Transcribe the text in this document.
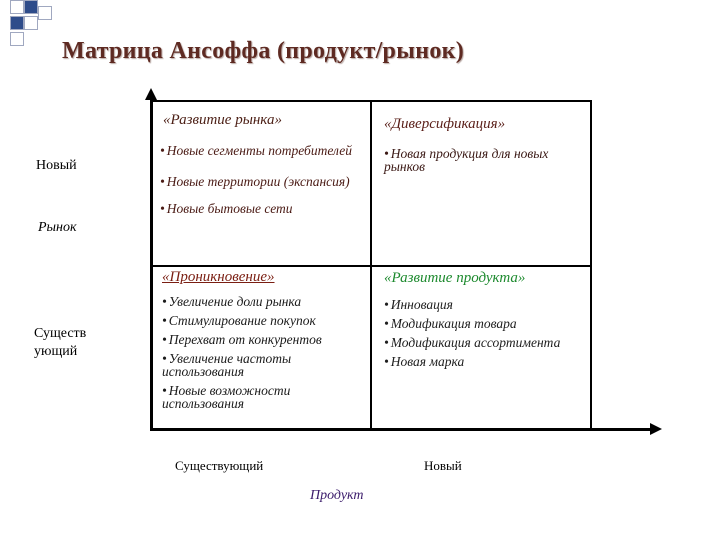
Матрица Ансоффа (продукт/рынок)
Новый
Рынок
Существ ующий
«Развитие рынка»
• Новые сегменты потребителей
• Новые территории (экспансия)
• Новые бытовые сети
«Диверсификация»
• Новая продукция для новых рынков
«Проникновение»
• Увеличение доли рынка
• Стимулирование покупок
• Перехват от конкурентов
• Увеличение частоты использования
• Новые возможности использования
«Развитие продукта»
• Инновация
• Модификация товара
• Модификация ассортимента
• Новая марка
Существующий	Новый
Продукт
